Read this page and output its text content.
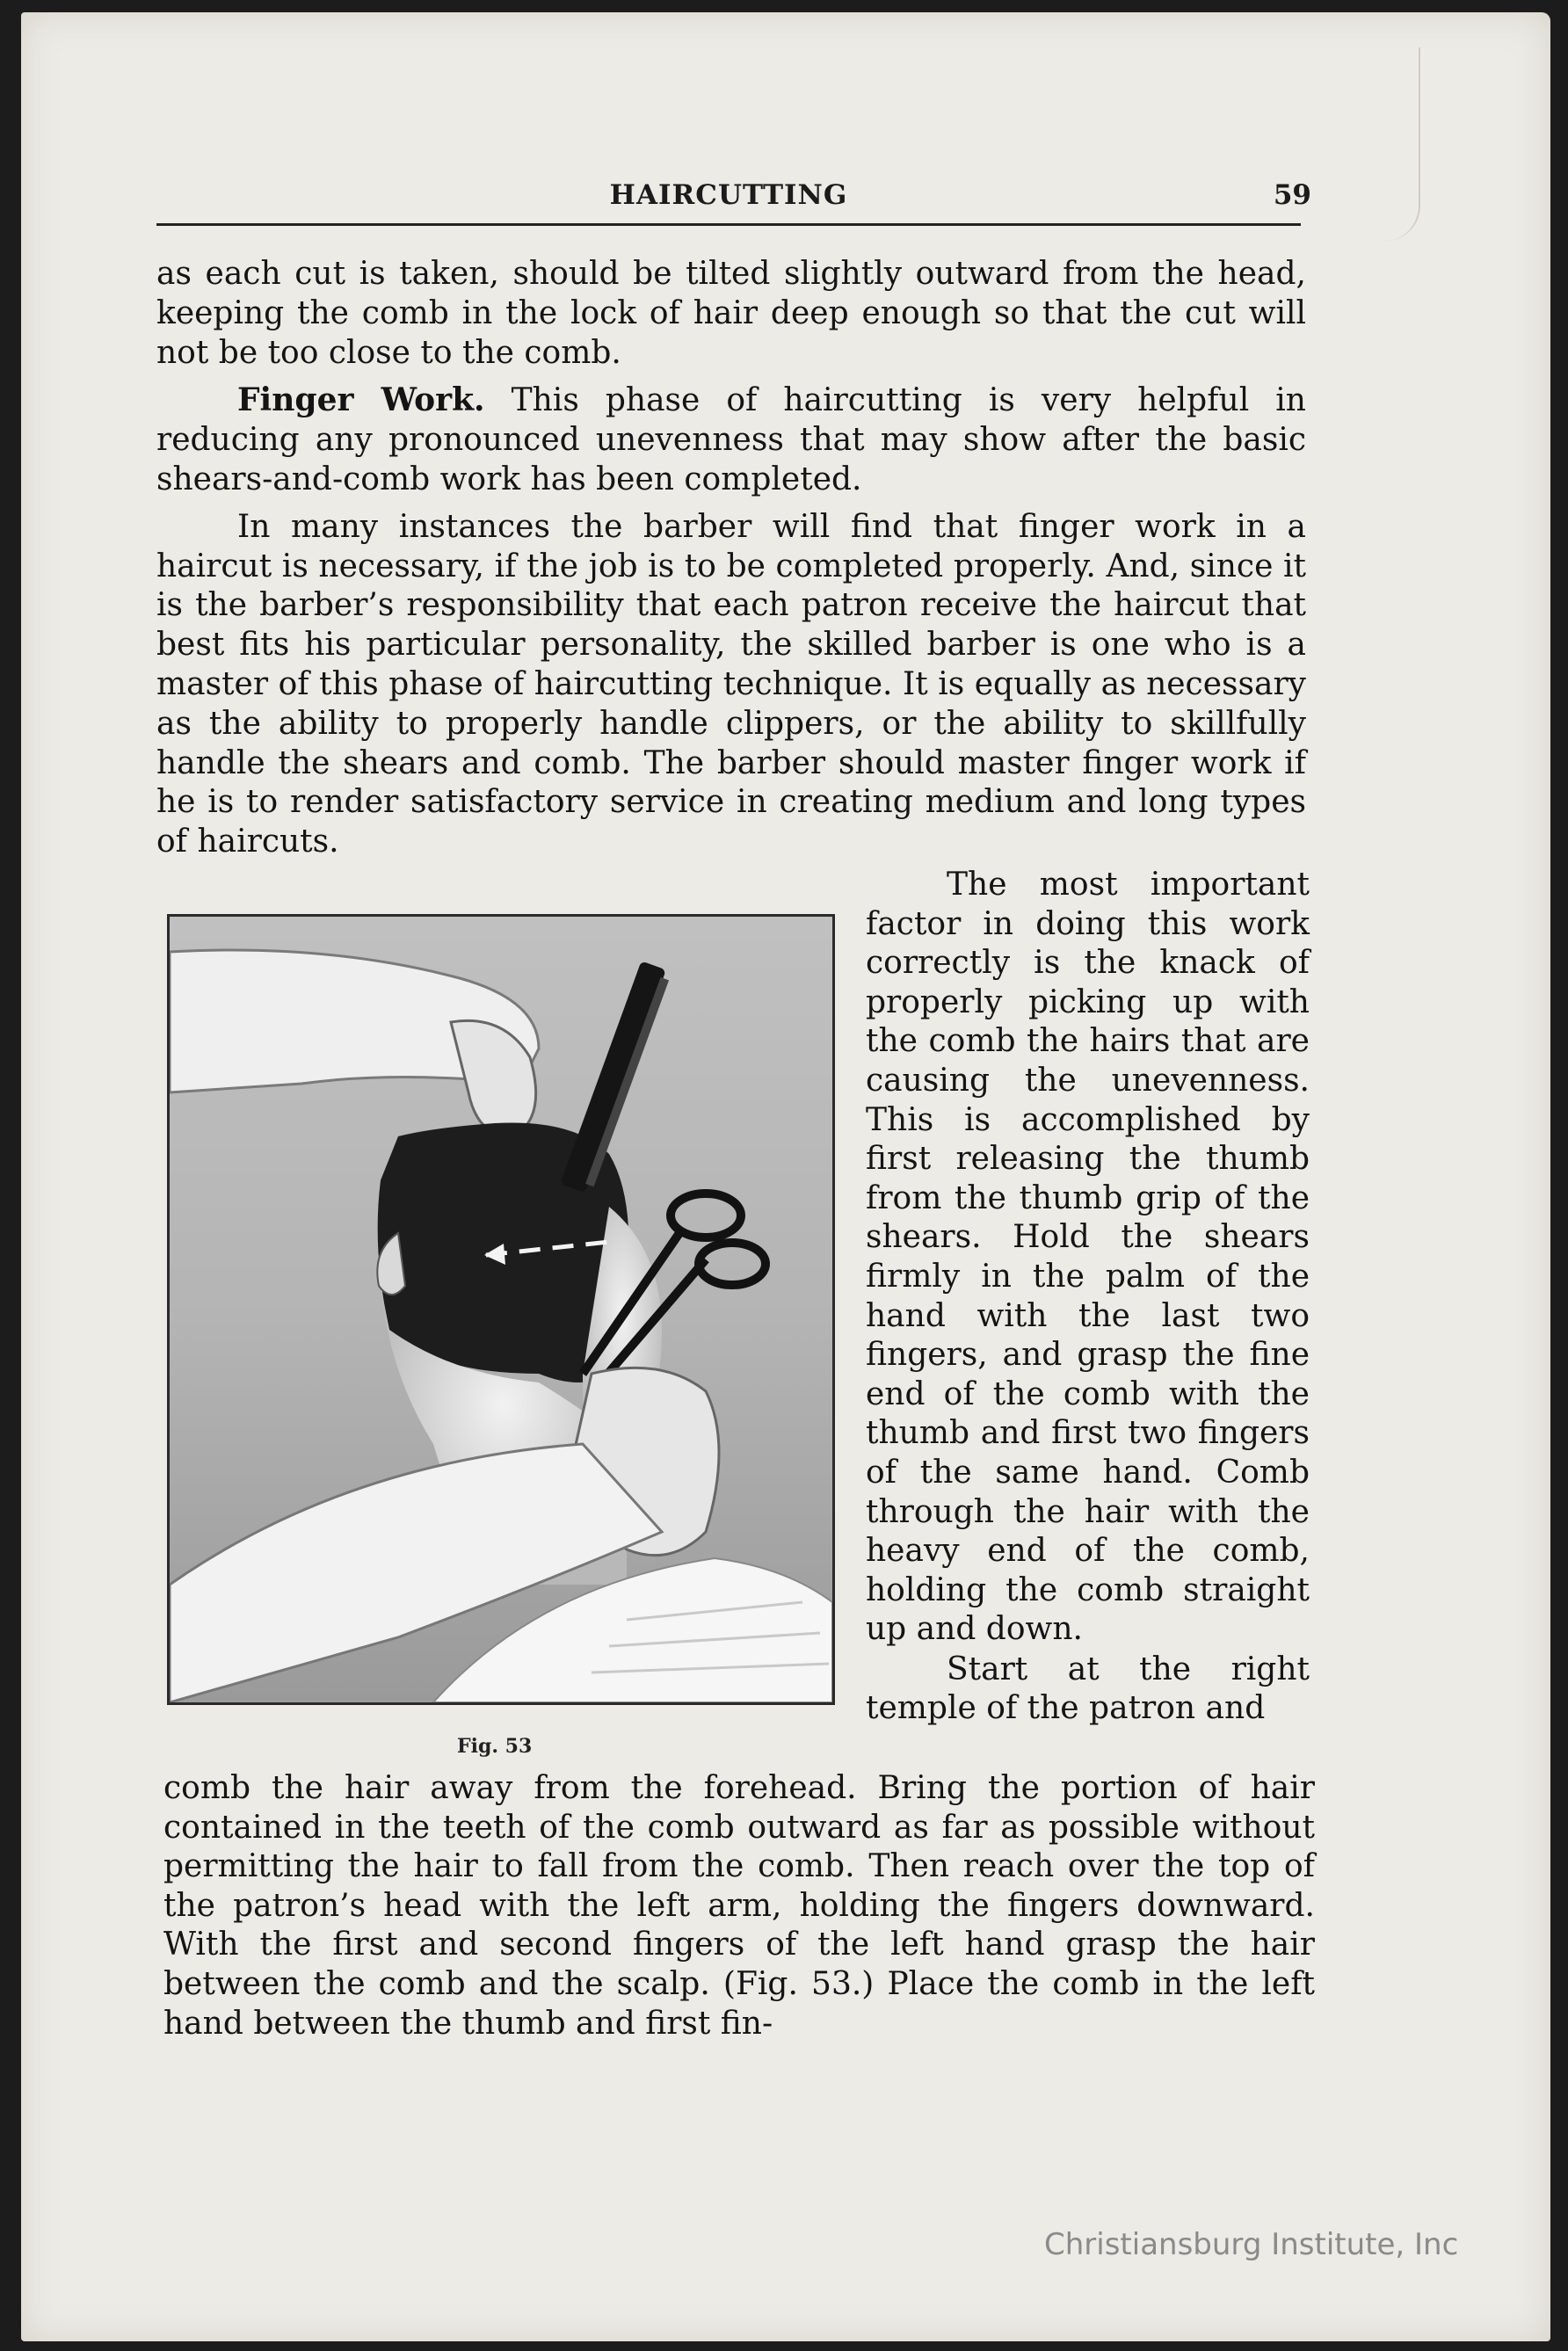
HAIRCUTTING	59

as each cut is taken, should be tilted slightly outward from the head, keeping the comb in the lock of hair deep enough so that the cut will not be too close to the comb.

Finger Work. This phase of haircutting is very helpful in reducing any pronounced unevenness that may show after the basic shears-and-comb work has been completed.

In many instances the barber will find that finger work in a haircut is necessary, if the job is to be completed properly. And, since it is the barber’s responsibility that each patron receive the haircut that best fits his particular personality, the skilled barber is one who is a master of this phase of haircutting technique. It is equally as necessary as the ability to properly handle clippers, or the ability to skillfully handle the shears and comb. The barber should master finger work if he is to render satisfactory service in creating medium and long types of haircuts.

Fig. 53

The most important factor in doing this work correctly is the knack of properly picking up with the comb the hairs that are causing the unevenness. This is accomplished by first releasing the thumb from the thumb grip of the shears. Hold the shears firmly in the palm of the hand with the last two fingers, and grasp the fine end of the comb with the thumb and first two fingers of the same hand. Comb through the hair with the heavy end of the comb, holding the comb straight up and down.

Start at the right temple of the patron and

comb the hair away from the forehead. Bring the portion of hair contained in the teeth of the comb outward as far as possible without permitting the hair to fall from the comb. Then reach over the top of the patron’s head with the left arm, holding the fingers downward. With the first and second fingers of the left hand grasp the hair between the comb and the scalp. (Fig. 53.) Place the comb in the left hand between the thumb and first fin-

Christiansburg Institute, Inc
